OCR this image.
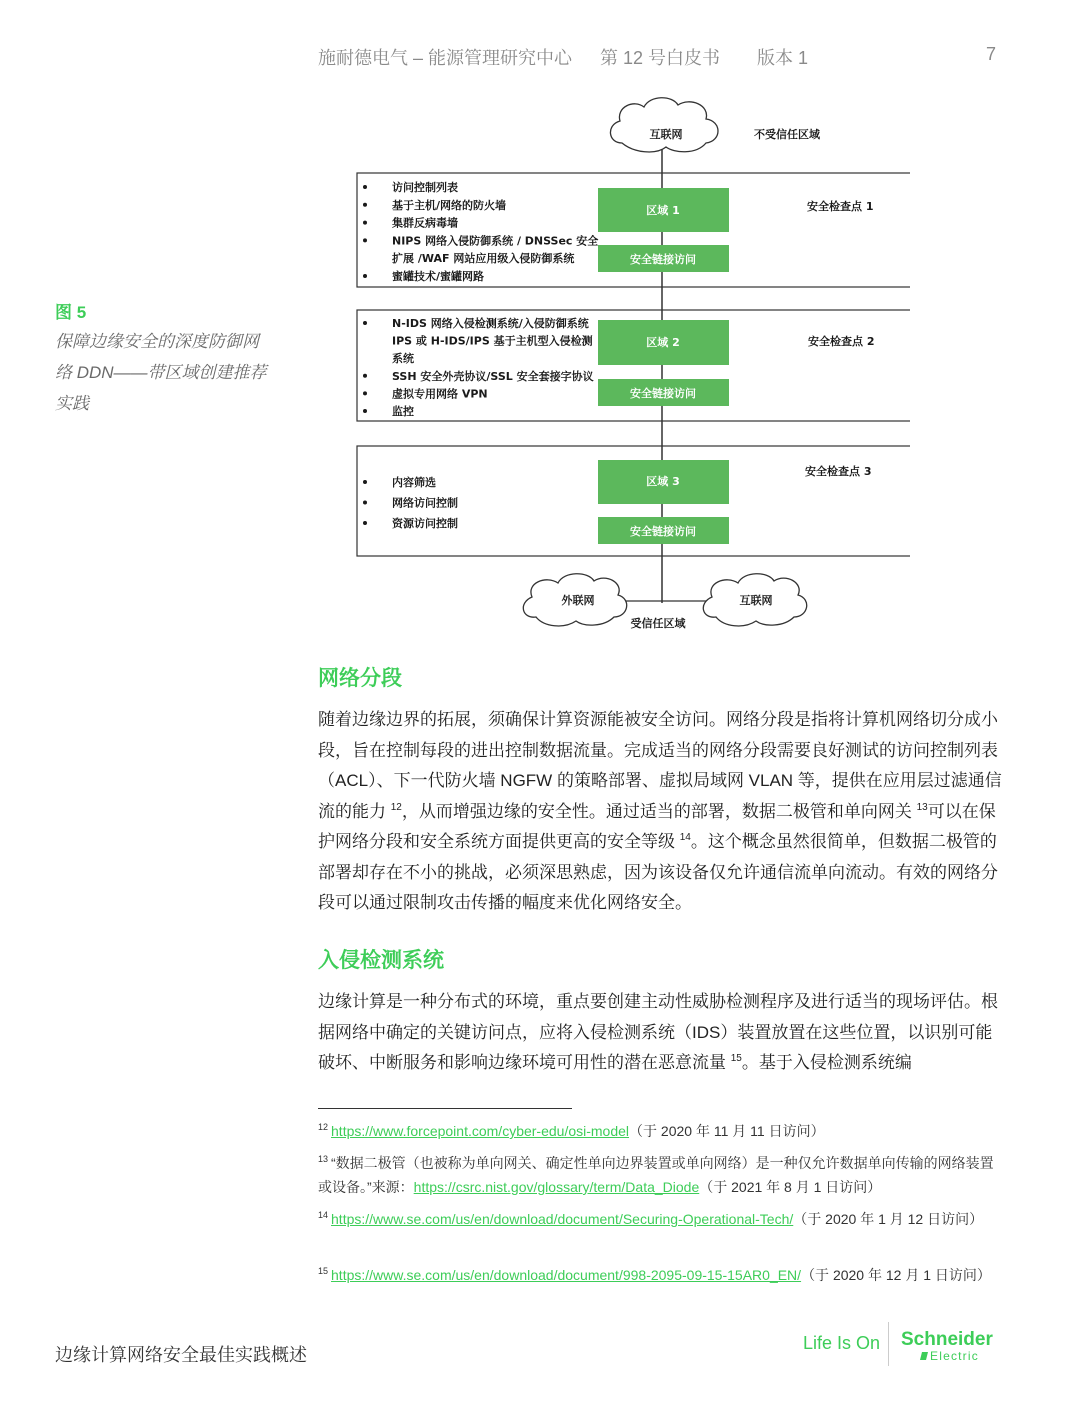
施耐德电气 – 能源管理研究中心 第 12 号白皮书 版本 1	7
图 5
保障边缘安全的深度防御网络 DDN——带区域创建推荐实践
互联网	不受信任区域
区域 1
安全链接访问
安全检查点 1
访问控制列表
基于主机/网络的防火墙
集群反病毒墙
NIPS 网络入侵防御系统 / DNSSec 安全
扩展 /WAF 网站应用级入侵防御系统
蜜罐技术/蜜罐网路
区域 2
安全链接访问
安全检查点 2
N-IDS 网络入侵检测系统/入侵防御系统
IPS 或 H-IDS/IPS 基于主机型入侵检测
系统
SSH 安全外壳协议/SSL 安全套接字协议
虚拟专用网络 VPN
监控
区域 3
安全链接访问
安全检查点 3
内容筛选
网络访问控制
资源访问控制
外联网	互联网
受信任区域
网络分段

随着边缘边界的拓展，须确保计算资源能被安全访问。网络分段是指将计算机网络切分成小段，旨在控制每段的进出控制数据流量。完成适当的网络分段需要良好测试的访问控制列表（ACL）、下一代防火墙 NGFW 的策略部署、虚拟局域网 VLAN 等，提供在应用层过滤通信流的能力 $^{12}$，从而增强边缘的安全性。通过适当的部署，数据二极管和单向网关 $^{13}$可以在保护网络分段和安全系统方面提供更高的安全等级 $^{14}$。这个概念虽然很简单，但数据二极管的部署却存在不小的挑战，必须深思熟虑，因为该设备仅允许通信流单向流动。有效的网络分段可以通过限制攻击传播的幅度来优化网络安全。

入侵检测系统

边缘计算是一种分布式的环境，重点要创建主动性威胁检测程序及进行适当的现场评估。根据网络中确定的关键访问点，应将入侵检测系统（IDS）装置放置在这些位置，以识别可能破坏、中断服务和影响边缘环境可用性的潜在恶意流量 $^{15}$。基于入侵检测系统编

$^{12}$ https://www.forcepoint.com/cyber-edu/osi-model（于 2020 年 11 月 11 日访问）
$^{13}$ “数据二极管（也被称为单向网关、确定性单向边界装置或单向网络）是一种仅允许数据单向传输的网络装置或设备。”来源：https://csrc.nist.gov/glossary/term/Data_Diode（于 2021 年 8 月 1 日访问）
$^{14}$ https://www.se.com/us/en/download/document/Securing-Operational-Tech/（于 2020 年 1 月 12 日访问）
$^{15}$ https://www.se.com/us/en/download/document/998-2095-09-15-15AR0_EN/（于 2020 年 12 月 1 日访问）
边缘计算网络安全最佳实践概述
Life Is On Schneider
Electric
